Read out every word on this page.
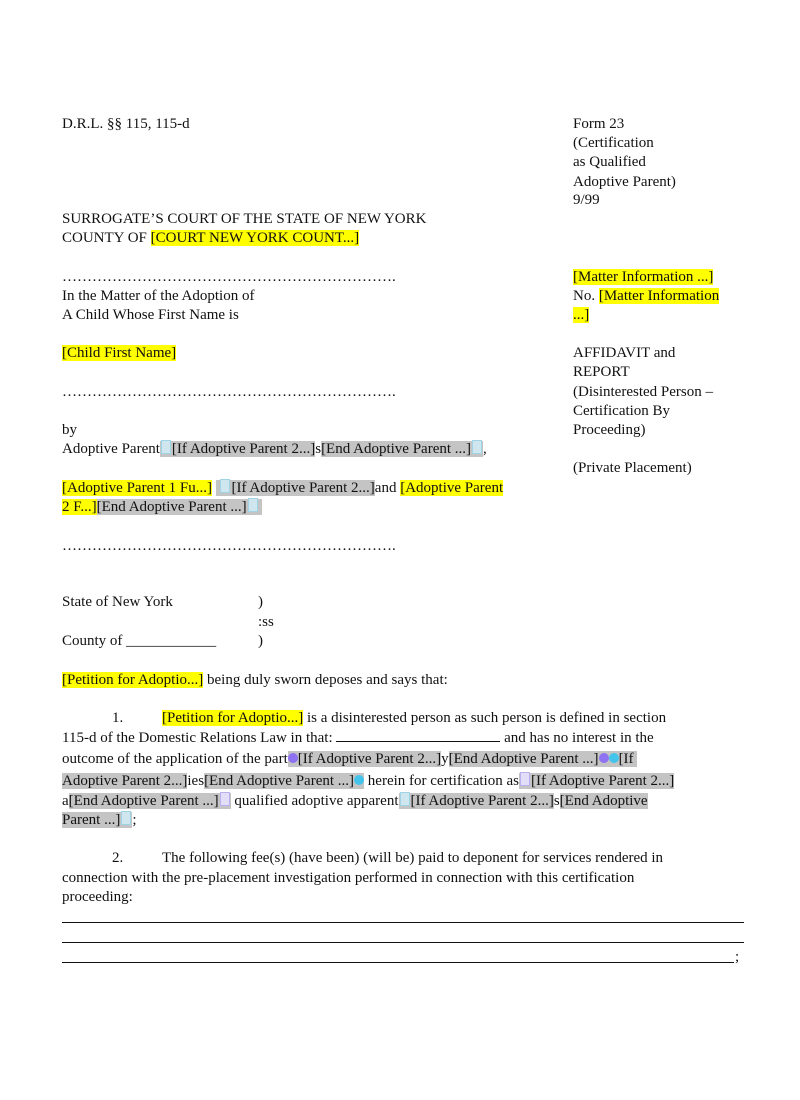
D.R.L. §§ 115, 115-d	Form 23
(Certification
as Qualified
Adoptive Parent)
9/99
SURROGATE’S COURT OF THE STATE OF NEW YORK
COUNTY OF [COURT NEW YORK COUNT...]
………………………………………………………….
In the Matter of the Adoption of
A Child Whose First Name is
[Matter Information ...]
No. [Matter Information
...]
[Child First Name]	AFFIDAVIT and
REPORT
(Disinterested Person –
Certification By
Proceeding)
(Private Placement)
………………………………………………………….
by
Adoptive Parent [If Adoptive Parent 2...]s[End Adoptive Parent ...] ,
[Adoptive Parent 1 Fu...] [If Adoptive Parent 2...]and [Adoptive Parent
2 F...][End Adoptive Parent ...]
………………………………………………………….
State of New York	)
:ss
County of ____________	)
[Petition for Adoptio...] being duly sworn deposes and says that:
1.	[Petition for Adoptio...] is a disinterested person as such person is defined in section
115-d of the Domestic Relations Law in that:	and has no interest in the
outcome of the application of the part [If Adoptive Parent 2...]y[End Adoptive Parent ...] [If
Adoptive Parent 2...]ies[End Adoptive Parent ...] herein for certification as [If Adoptive Parent 2...]
a[End Adoptive Parent ...] qualified adoptive apparent [If Adoptive Parent 2...]s[End Adoptive
Parent ...] ;
2.	The following fee(s) (have been) (will be) paid to deponent for services rendered in
connection with the pre-placement investigation performed in connection with this certification
proceeding:
;
